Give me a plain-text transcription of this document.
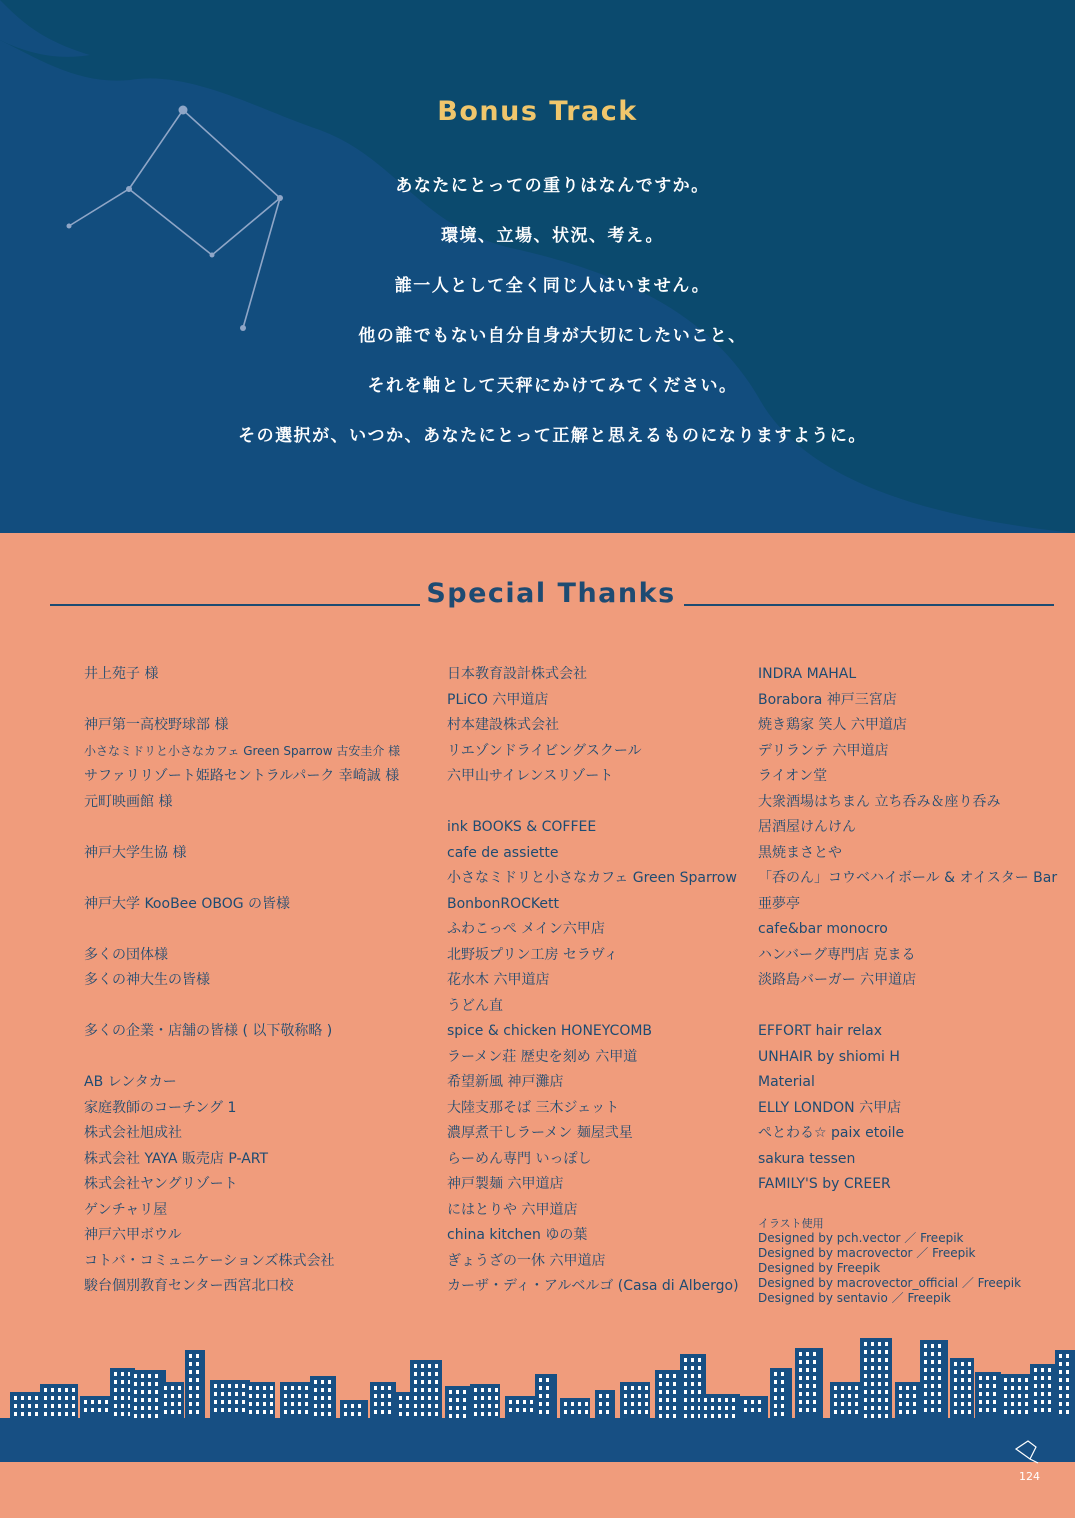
Bonus Track
あなたにとっての重りはなんですか。
環境、立場、状況、考え。
誰一人として全く同じ人はいません。
他の誰でもない自分自身が大切にしたいこと、
それを軸として天秤にかけてみてください。
その選択が、いつか、あなたにとって正解と思えるものになりますように。
Special Thanks
井上苑子 様
神戸第一高校野球部 様
小さなミドリと小さなカフェ Green Sparrow 古安圭介 様
サファリリゾート姫路セントラルパーク 幸崎誠 様
元町映画館 様
神戸大学生協 様
神戸大学 KooBee OBOG の皆様
多くの団体様
多くの神大生の皆様
多くの企業・店舗の皆様 ( 以下敬称略 )
AB レンタカー
家庭教師のコーチング 1
株式会社旭成社
株式会社 YAYA 販売店 P-ART
株式会社ヤングリゾート
ゲンチャリ屋
神戸六甲ボウル
コトバ・コミュニケーションズ株式会社
駿台個別教育センター西宮北口校
日本教育設計株式会社
PLiCO 六甲道店
村本建設株式会社
リエゾンドライビングスクール
六甲山サイレンスリゾート
ink BOOKS & COFFEE
cafe de assiette
小さなミドリと小さなカフェ Green Sparrow
BonbonROCKett
ふわこっぺ メイン六甲店
北野坂プリン工房 セラヴィ
花水木 六甲道店
うどん直
spice & chicken HONEYCOMB
ラーメン荘 歴史を刻め 六甲道
希望新風 神戸灘店
大陸支那そば 三木ジェット
濃厚煮干しラーメン 麺屋弐星
らーめん専門 いっぽし
神戸製麺 六甲道店
にはとりや 六甲道店
china kitchen ゆの葉
ぎょうざの一休 六甲道店
カーザ・ディ・アルベルゴ (Casa di Albergo)
INDRA MAHAL
Borabora 神戸三宮店
焼き鶏家 笑人 六甲道店
デリランテ 六甲道店
ライオン堂
大衆酒場はちまん 立ち呑み＆座り呑み
居酒屋けんけん
黒焼まさとや
「呑のん」コウベハイボール & オイスター Bar
亜夢亭
cafe&bar monocro
ハンバーグ専門店 克まる
淡路島バーガー 六甲道店
EFFORT hair relax
UNHAIR by shiomi H
Material
ELLY LONDON 六甲店
ぺとわる☆ paix etoile
sakura tessen
FAMILY'S by CREER
イラスト使用
Designed by pch.vector ／ Freepik
Designed by macrovector ／ Freepik
Designed by Freepik
Designed by macrovector_official ／ Freepik
Designed by sentavio ／ Freepik
124
